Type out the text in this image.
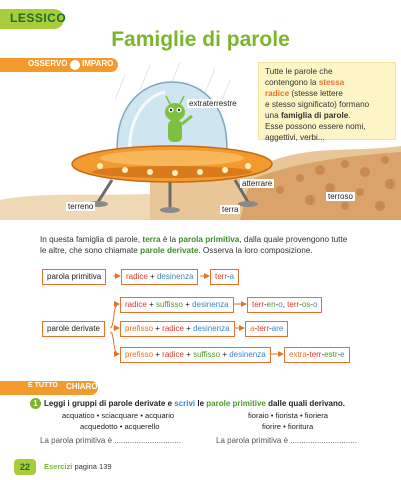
LESSICO
Famiglie di parole
OSSERVO IMPARO
extraterrestre
atterrare
terroso
terreno	terra
Tutte le parole che
contengono la stessa
radice (stesse lettere
e stesso significato) formano
una famiglia di parole.
Esse possono essere nomi,
aggettivi, verbi...
In questa famiglia di parole, terra è la parola primitiva, dalla quale provengono tutte
le altre, che sono chiamate parole derivate. Osserva la loro composizione.
parola primitiva	radice + desinenza	terr-a
parole derivate
radice + suffisso + desinenza	terr-en-o, terr-os-o
prefisso + radice + desinenza	a-terr-are
prefisso + radice + suffisso + desinenza	extra-terr-estr-e
È TUTTO CHIARO?
1 Leggi i gruppi di parole derivate e scrivi le parole primitive dalle quali derivano.
acquatico • sciacquare • acquario
acquedotto • acquerello
fioraio • fiorista • fioriera
fiorire • fioritura
La parola primitiva è ..............................	La parola primitiva è ..............................
22	Esercizi pagina 139
